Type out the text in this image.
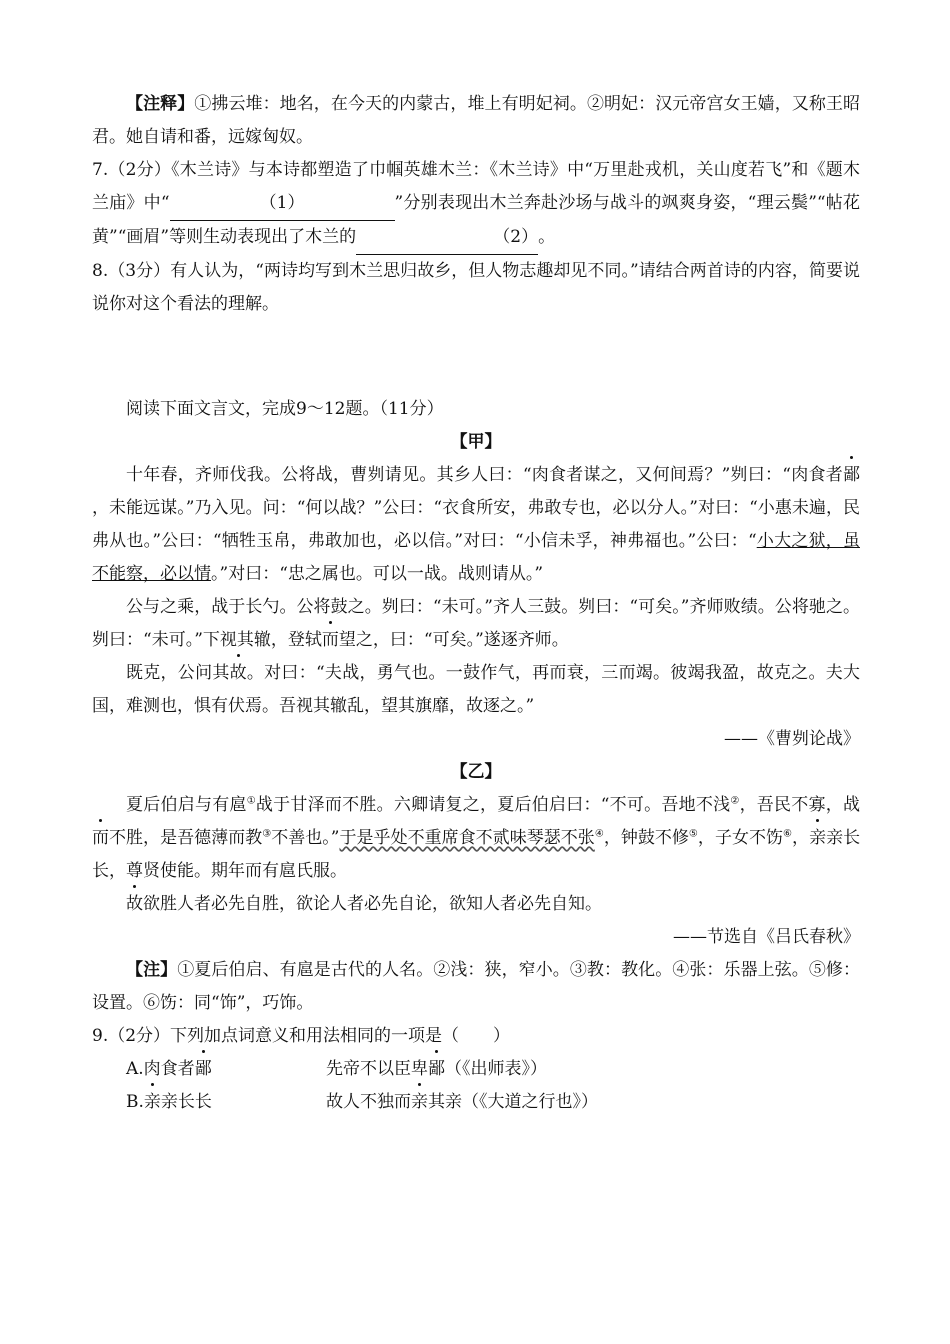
【注释】①拂云堆：地名，在今天的内蒙古，堆上有明妃祠。②明妃：汉元帝宫女王嫱，又称王昭君。她自请和番，远嫁匈奴。

7.（2分）《木兰诗》与本诗都塑造了巾帼英雄木兰：《木兰诗》中“万里赴戎机，关山度若飞”和《题木兰庙》中“	（1）	”分别表现出木兰奔赴沙场与战斗的飒爽身姿，“理云鬓”“帖花黄”“画眉”等则生动表现出了木兰的	（2）。

8.（3分）有人认为，“两诗均写到木兰思归故乡，但人物志趣却见不同。”请结合两首诗的内容，简要说说你对这个看法的理解。

阅读下面文言文，完成9～12题。（11分）

【甲】

十年春，齐师伐我。公将战，曹刿请见。其乡人曰：“肉食者谋之，又何间焉？”刿曰：“肉食者鄙，未能远谋。”乃入见。问：“何以战？”公曰：“衣食所安，弗敢专也，必以分人。”对曰：“小惠未遍，民弗从也。”公曰：“牺牲玉帛，弗敢加也，必以信。”对曰：“小信未孚，神弗福也。”公曰：“小大之狱，虽不能察，必以情。”对曰：“忠之属也。可以一战。战则请从。”

公与之乘，战于长勺。公将鼓之。刿曰：“未可。”齐人三鼓。刿曰：“可矣。”齐师败绩。公将驰之。刿曰：“未可。”下视其辙，登轼而望之，曰：“可矣。”遂逐齐师。

既克，公问其故。对曰：“夫战，勇气也。一鼓作气，再而衰，三而竭。彼竭我盈，故克之。夫大国，难测也，惧有伏焉。吾视其辙乱，望其旗靡，故逐之。”

——《曹刿论战》

【乙】

夏后伯启与有扈①战于甘泽而不胜。六卿请复之，夏后伯启曰：“不可。吾地不浅②，吾民不寡，战而不胜，是吾德薄而教③不善也。”于是乎处不重席食不贰味琴瑟不张④，钟鼓不修⑤，子女不饬⑥，亲亲长长，尊贤使能。期年而有扈氏服。

故欲胜人者必先自胜，欲论人者必先自论，欲知人者必先自知。

——节选自《吕氏春秋》

【注】①夏后伯启、有扈是古代的人名。②浅：狭，窄小。③教：教化。④张：乐器上弦。⑤修：设置。⑥饬：同“饰”，巧饰。

9.（2分）下列加点词意义和用法相同的一项是（　　）

A.肉食者鄙	先帝不以臣卑鄙（《出师表》）
B.亲亲长长	故人不独而亲其亲（《大道之行也》）
